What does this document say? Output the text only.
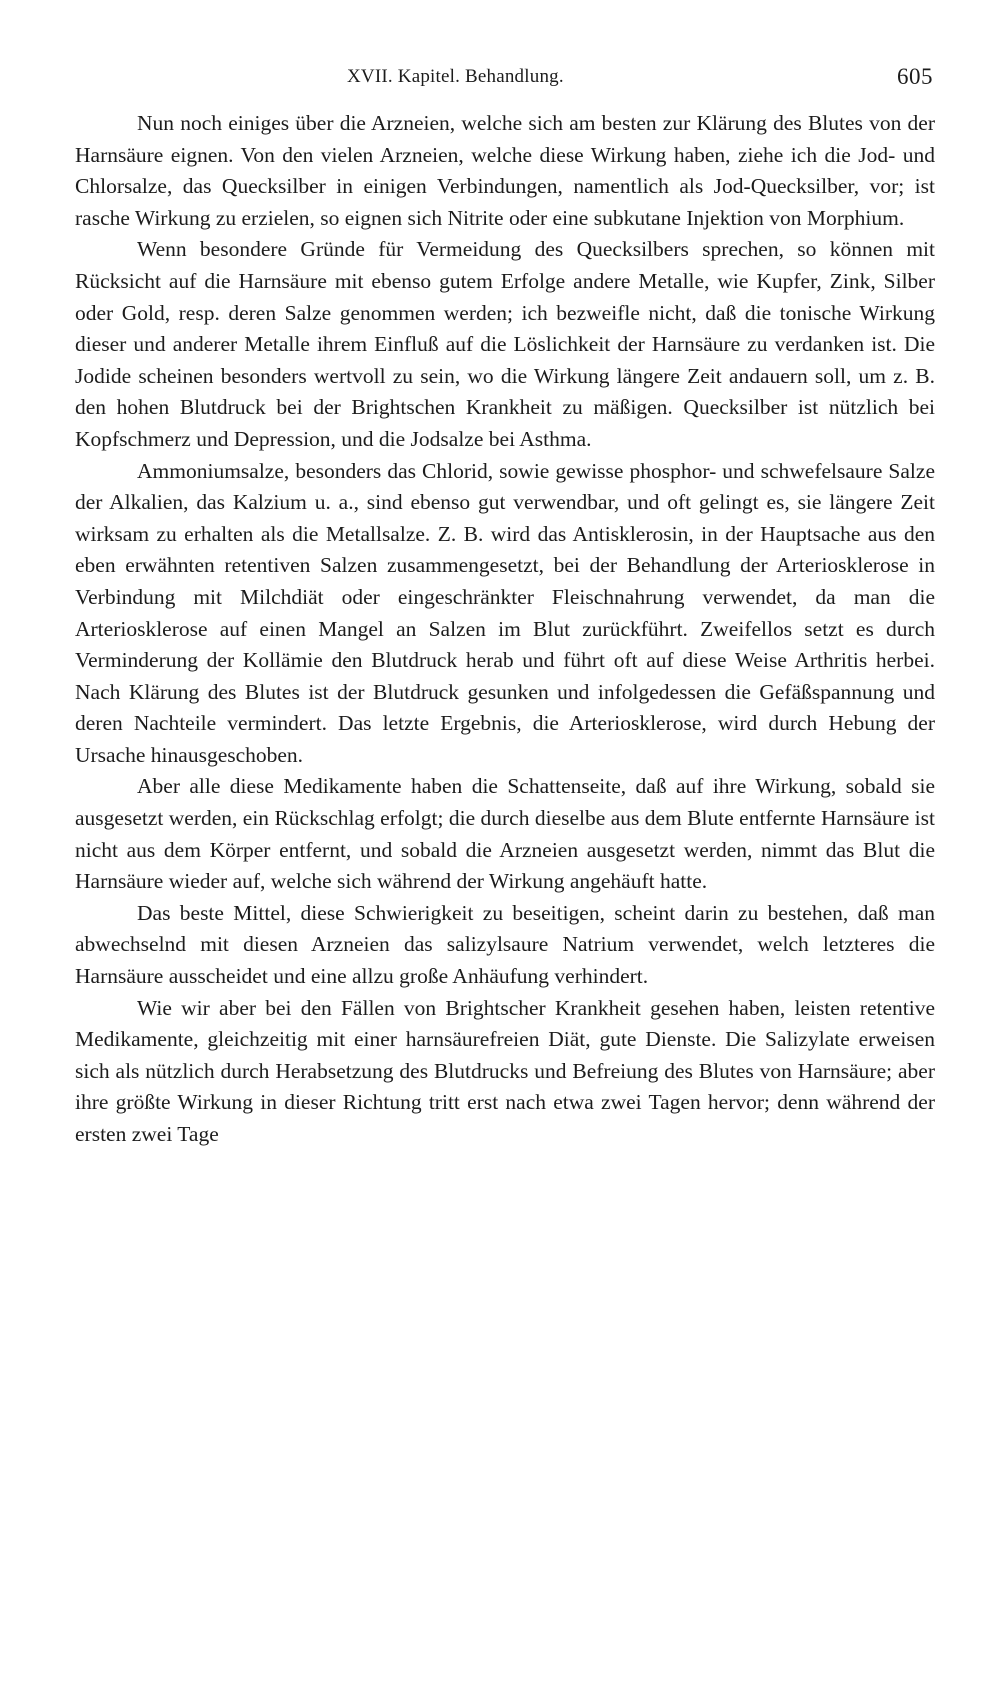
XVII. Kapitel. Behandlung.	605

Nun noch einiges über die Arzneien, welche sich am besten zur Klärung des Blutes von der Harnsäure eignen. Von den vielen Arzneien, welche diese Wirkung haben, ziehe ich die Jod- und Chlorsalze, das Quecksilber in einigen Verbindungen, namentlich als Jod-Quecksilber, vor; ist rasche Wirkung zu erzielen, so eignen sich Nitrite oder eine subkutane Injektion von Morphium.

Wenn besondere Gründe für Vermeidung des Quecksilbers sprechen, so können mit Rücksicht auf die Harnsäure mit ebenso gutem Erfolge andere Metalle, wie Kupfer, Zink, Silber oder Gold, resp. deren Salze genommen werden; ich bezweifle nicht, daß die tonische Wirkung dieser und anderer Metalle ihrem Einfluß auf die Löslichkeit der Harnsäure zu verdanken ist. Die Jodide scheinen besonders wertvoll zu sein, wo die Wirkung längere Zeit andauern soll, um z. B. den hohen Blutdruck bei der Brightschen Krankheit zu mäßigen. Quecksilber ist nützlich bei Kopfschmerz und Depression, und die Jodsalze bei Asthma.

Ammoniumsalze, besonders das Chlorid, sowie gewisse phosphor- und schwefelsaure Salze der Alkalien, das Kalzium u. a., sind ebenso gut verwendbar, und oft gelingt es, sie längere Zeit wirksam zu erhalten als die Metallsalze. Z. B. wird das Antisklerosin, in der Hauptsache aus den eben erwähnten retentiven Salzen zusammengesetzt, bei der Behandlung der Arteriosklerose in Verbindung mit Milchdiät oder eingeschränkter Fleischnahrung verwendet, da man die Arteriosklerose auf einen Mangel an Salzen im Blut zurückführt. Zweifellos setzt es durch Verminderung der Kollämie den Blutdruck herab und führt oft auf diese Weise Arthritis herbei. Nach Klärung des Blutes ist der Blutdruck gesunken und infolgedessen die Gefäßspannung und deren Nachteile vermindert. Das letzte Ergebnis, die Arteriosklerose, wird durch Hebung der Ursache hinausgeschoben.

Aber alle diese Medikamente haben die Schattenseite, daß auf ihre Wirkung, sobald sie ausgesetzt werden, ein Rückschlag erfolgt; die durch dieselbe aus dem Blute entfernte Harnsäure ist nicht aus dem Körper entfernt, und sobald die Arzneien ausgesetzt werden, nimmt das Blut die Harnsäure wieder auf, welche sich während der Wirkung angehäuft hatte.

Das beste Mittel, diese Schwierigkeit zu beseitigen, scheint darin zu bestehen, daß man abwechselnd mit diesen Arzneien das salizylsaure Natrium verwendet, welch letzteres die Harnsäure ausscheidet und eine allzu große Anhäufung verhindert.

Wie wir aber bei den Fällen von Brightscher Krankheit gesehen haben, leisten retentive Medikamente, gleichzeitig mit einer harnsäurefreien Diät, gute Dienste. Die Salizylate erweisen sich als nützlich durch Herabsetzung des Blutdrucks und Befreiung des Blutes von Harnsäure; aber ihre größte Wirkung in dieser Richtung tritt erst nach etwa zwei Tagen hervor; denn während der ersten zwei Tage
